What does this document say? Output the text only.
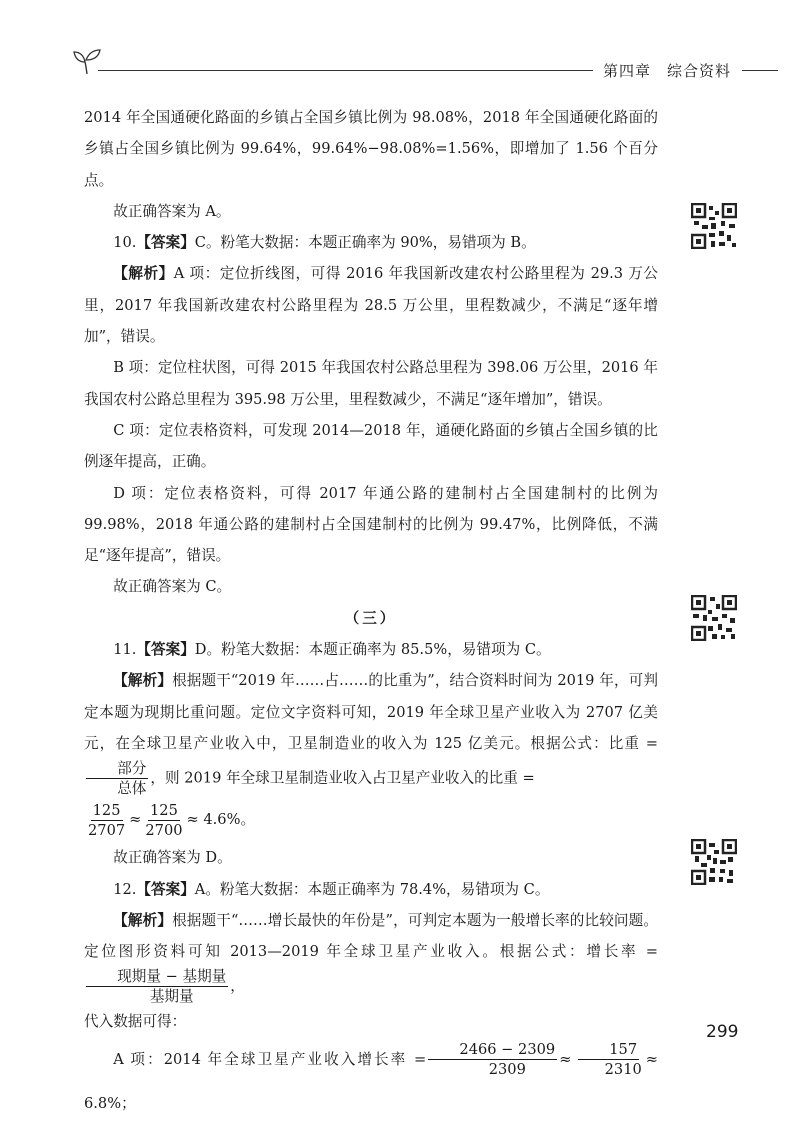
第四章　综合资料

2014 年全国通硬化路面的乡镇占全国乡镇比例为 98.08%，2018 年全国通硬化路面的乡镇占全国乡镇比例为 99.64%，99.64%−98.08%=1.56%，即增加了 1.56 个百分点。

故正确答案为 A。

10.【答案】C。粉笔大数据：本题正确率为 90%，易错项为 B。

【解析】A 项：定位折线图，可得 2016 年我国新改建农村公路里程为 29.3 万公里，2017 年我国新改建农村公路里程为 28.5 万公里，里程数减少，不满足“逐年增加”，错误。

B 项：定位柱状图，可得 2015 年我国农村公路总里程为 398.06 万公里，2016 年我国农村公路总里程为 395.98 万公里，里程数减少，不满足“逐年增加”，错误。

C 项：定位表格资料，可发现 2014—2018 年，通硬化路面的乡镇占全国乡镇的比例逐年提高，正确。

D 项：定位表格资料，可得 2017 年通公路的建制村占全国建制村的比例为 99.98%，2018 年通公路的建制村占全国建制村的比例为 99.47%，比例降低，不满足“逐年提高”，错误。

故正确答案为 C。

（三）

11.【答案】D。粉笔大数据：本题正确率为 85.5%，易错项为 C。

【解析】根据题干“2019 年……占……的比重为”，结合资料时间为 2019 年，可判定本题为现期比重问题。定位文字资料可知，2019 年全球卫星产业收入为 2707 亿美元，在全球卫星产业收入中，卫星制造业的收入为 125 亿美元。根据公式：比重 =
$\frac{\text{部分}}{\text{总体}}$ ，则 2019 年全球卫星制造业收入占卫星产业收入的比重 =

$\frac{125}{2707} \approx \frac{125}{2700} \approx 4.6\%$。

故正确答案为 D。

12.【答案】A。粉笔大数据：本题正确率为 78.4%，易错项为 C。

【解析】根据题干“……增长最快的年份是”，可判定本题为一般增长率的比较问题。定位图形资料可知 2013—2019 年全球卫星产业收入。根据公式：增长率 =
$\frac{\text{现期量 − 基期量}}{\text{基期量}}$ ，

代入数据可得：

A 项：2014 年全球卫星产业收入增长率 = $\frac{2466 - 2309}{2309} \approx \frac{157}{2310} \approx 6.8\%$；

299
